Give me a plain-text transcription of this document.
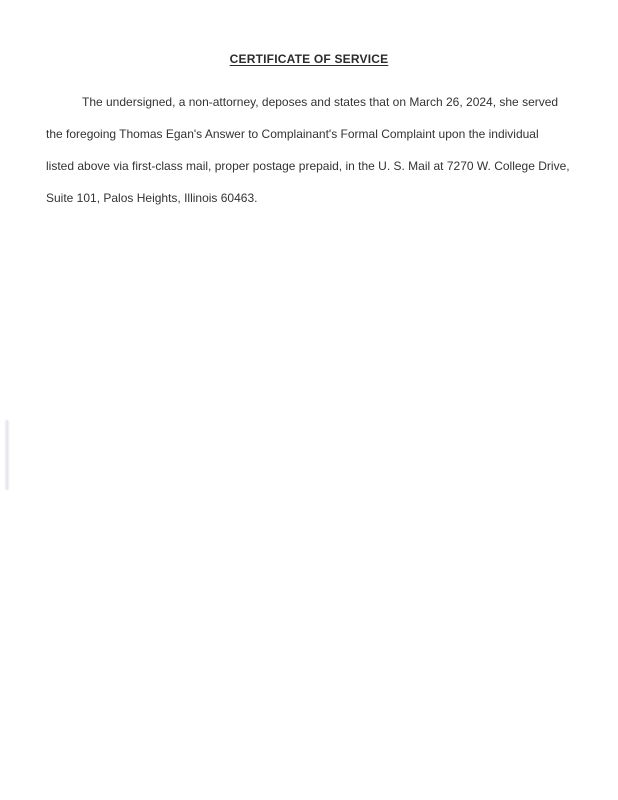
CERTIFICATE OF SERVICE
The undersigned, a non-attorney, deposes and states that on March 26, 2024, she served
the foregoing Thomas Egan's Answer to Complainant's Formal Complaint upon the individual
listed above via first-class mail, proper postage prepaid, in the U. S. Mail at 7270 W. College Drive,
Suite 101, Palos Heights, Illinois 60463.
